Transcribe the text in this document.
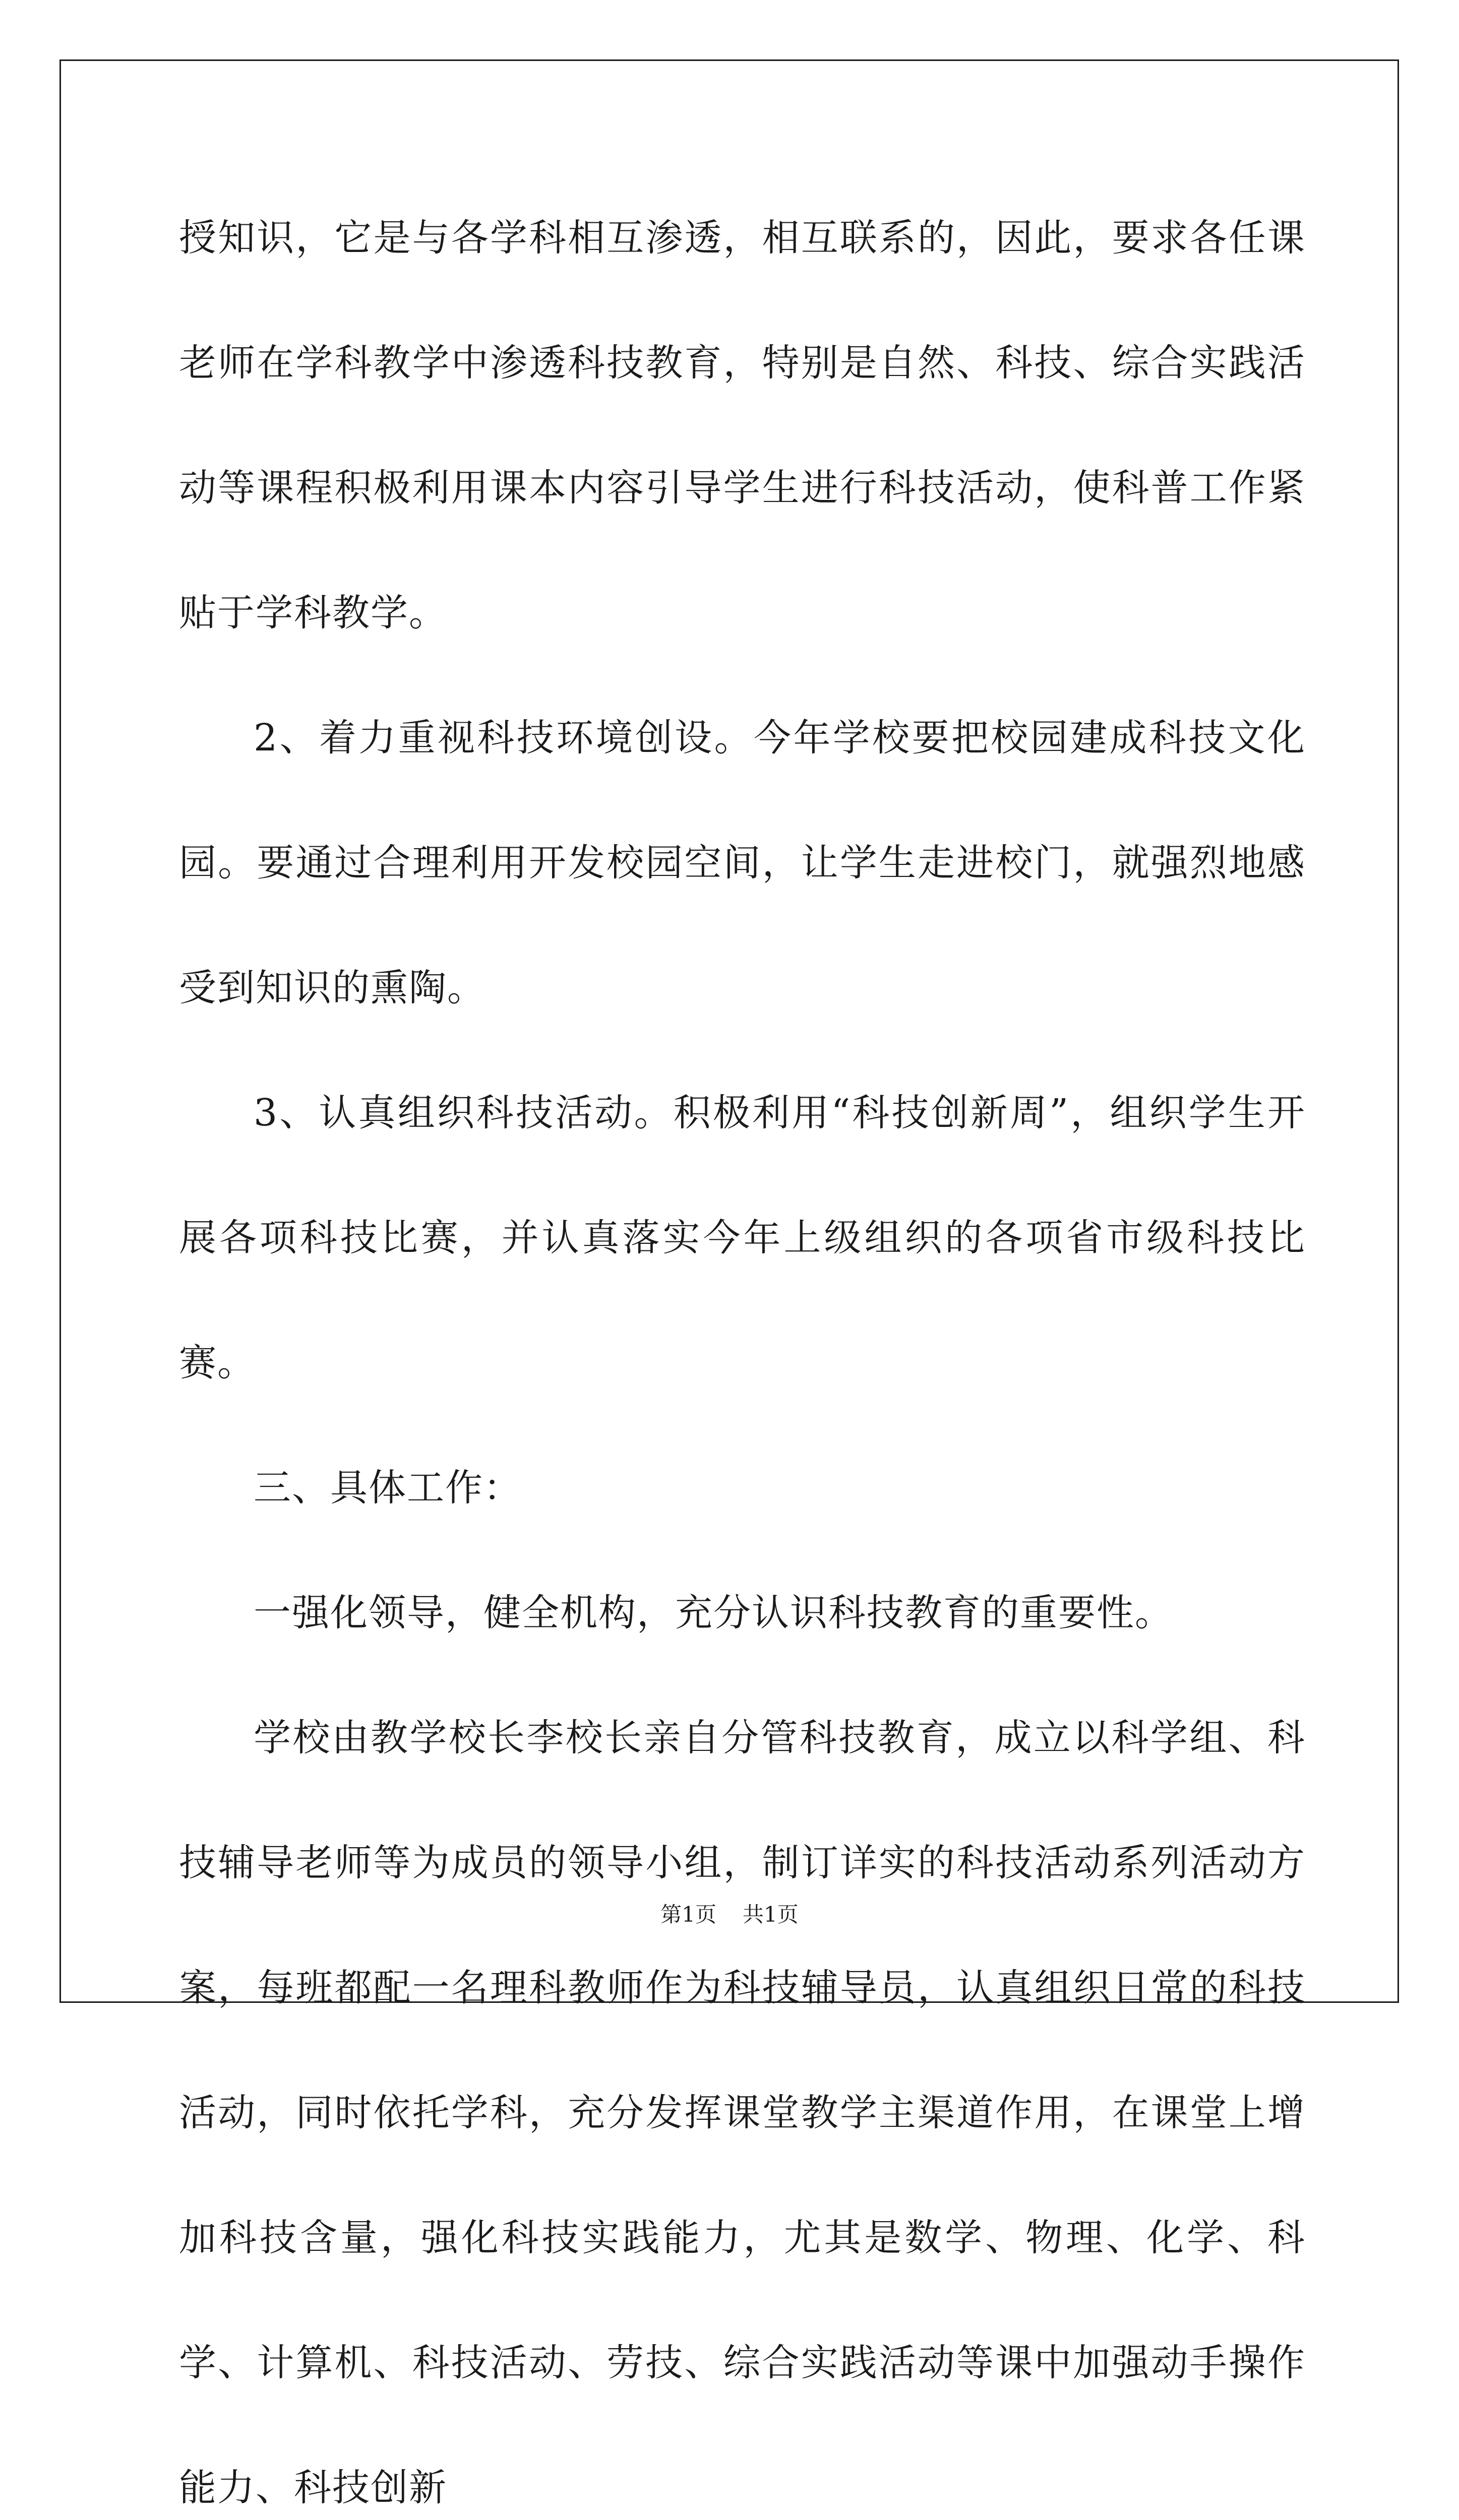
授知识，它是与各学科相互渗透，相互联系的，因此，要求各任课老师在学科教学中渗透科技教育，特别是自然、科技、综合实践活动等课程积极利用课本内容引导学生进行科技活动，使科普工作紧贴于学科教学。

2、着力重视科技环境创设。今年学校要把校园建成科技文化园。要通过合理利用开发校园空间，让学生走进校门，就强烈地感受到知识的熏陶。

3、认真组织科技活动。积极利用“科技创新周”，组织学生开展各项科技比赛，并认真落实今年上级组织的各项省市级科技比赛。

三、具体工作：

一强化领导，健全机构，充分认识科技教育的重要性。

学校由教学校长李校长亲自分管科技教育，成立以科学组、科技辅导老师等为成员的领导小组，制订详实的科技活动系列活动方案，每班都配一名理科教师作为科技辅导员，认真组织日常的科技活动，同时依托学科，充分发挥课堂教学主渠道作用，在课堂上增加科技含量，强化科技实践能力，尤其是数学、物理、化学、科学、计算机、科技活动、劳技、综合实践活动等课中加强动手操作能力、科技创新

第1页 共1页
